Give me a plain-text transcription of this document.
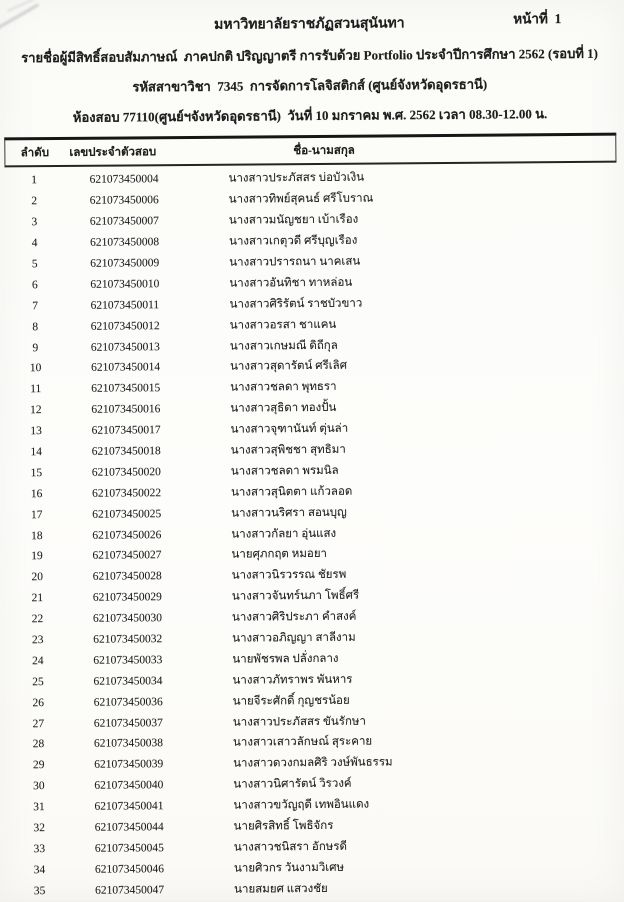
หน้าที่  1
มหาวิทยาลัยราชภัฏสวนสุนันทา
รายชื่อผู้มีสิทธิ์สอบสัมภาษณ์  ภาคปกติ ปริญญาตรี การรับด้วย Portfolio ประจำปีการศึกษา 2562 (รอบที่ 1)
รหัสสาขาวิชา  7345  การจัดการโลจิสติกส์ (ศูนย์จังหวัดอุดรธานี)
ห้องสอบ 77110(ศูนย์ฯจังหวัดอุดรธานี)  วันที่ 10 มกราคม พ.ศ. 2562 เวลา 08.30-12.00 น.
ลำดับ	เลขประจำตัวสอบ	ชื่อ-นามสกุล
1	621073450004	นางสาวประภัสสร บ่อบัวเงิน
2	621073450006	นางสาวทิพย์สุคนธ์ ศรีโบราณ
3	621073450007	นางสาวมนัญชยา เบ้าเรือง
4	621073450008	นางสาวเกตุวดี ศรีบุญเรือง
5	621073450009	นางสาวปรารถนา นาคเสน
6	621073450010	นางสาวอันทิชา ทาหล่อน
7	621073450011	นางสาวศิริรัตน์ ราชบัวขาว
8	621073450012	นางสาวอรสา ชาแคน
9	621073450013	นางสาวเกษมณี ดิถีกุล
10	621073450014	นางสาวสุดารัตน์ ศรีเลิศ
11	621073450015	นางสาวชลดา พุทธรา
12	621073450016	นางสาวสุธิดา ทองปั้น
13	621073450017	นางสาวจุฑานันท์ ตุ่นล่า
14	621073450018	นางสาวสุพิชชา สุทธิมา
15	621073450020	นางสาวชลดา พรมนิล
16	621073450022	นางสาวสุนิตตา แก้วลอด
17	621073450025	นางสาวนริศรา สอนบุญ
18	621073450026	นางสาวกัลยา อุ่นแสง
19	621073450027	นายศุภกฤต หมอยา
20	621073450028	นางสาวนิรวรรณ ชัยรพ
21	621073450029	นางสาวจันทร์นภา โพธิ์ศรี
22	621073450030	นางสาวศิริประภา คำสงค์
23	621073450032	นางสาวอภิญญา สาลีงาม
24	621073450033	นายพัชรพล ปลั่งกลาง
25	621073450034	นางสาวภัทราพร พันหาร
26	621073450036	นายจีระศักดิ์ กุญชรน้อย
27	621073450037	นางสาวประภัสสร ขันรักษา
28	621073450038	นางสาวเสาวลักษณ์ สุระคาย
29	621073450039	นางสาวดวงกมลศิริ วงษ์พันธรรม
30	621073450040	นางสาวนิศารัตน์ วิรวงค์
31	621073450041	นางสาวขวัญฤดี เทพอินแดง
32	621073450044	นายศิรสิทธิ์ โพธิจักร
33	621073450045	นางสาวชนิสรา อักษรดี
34	621073450046	นายศิวกร วันงามวิเศษ
35	621073450047	นายสมยศ แสวงชัย
